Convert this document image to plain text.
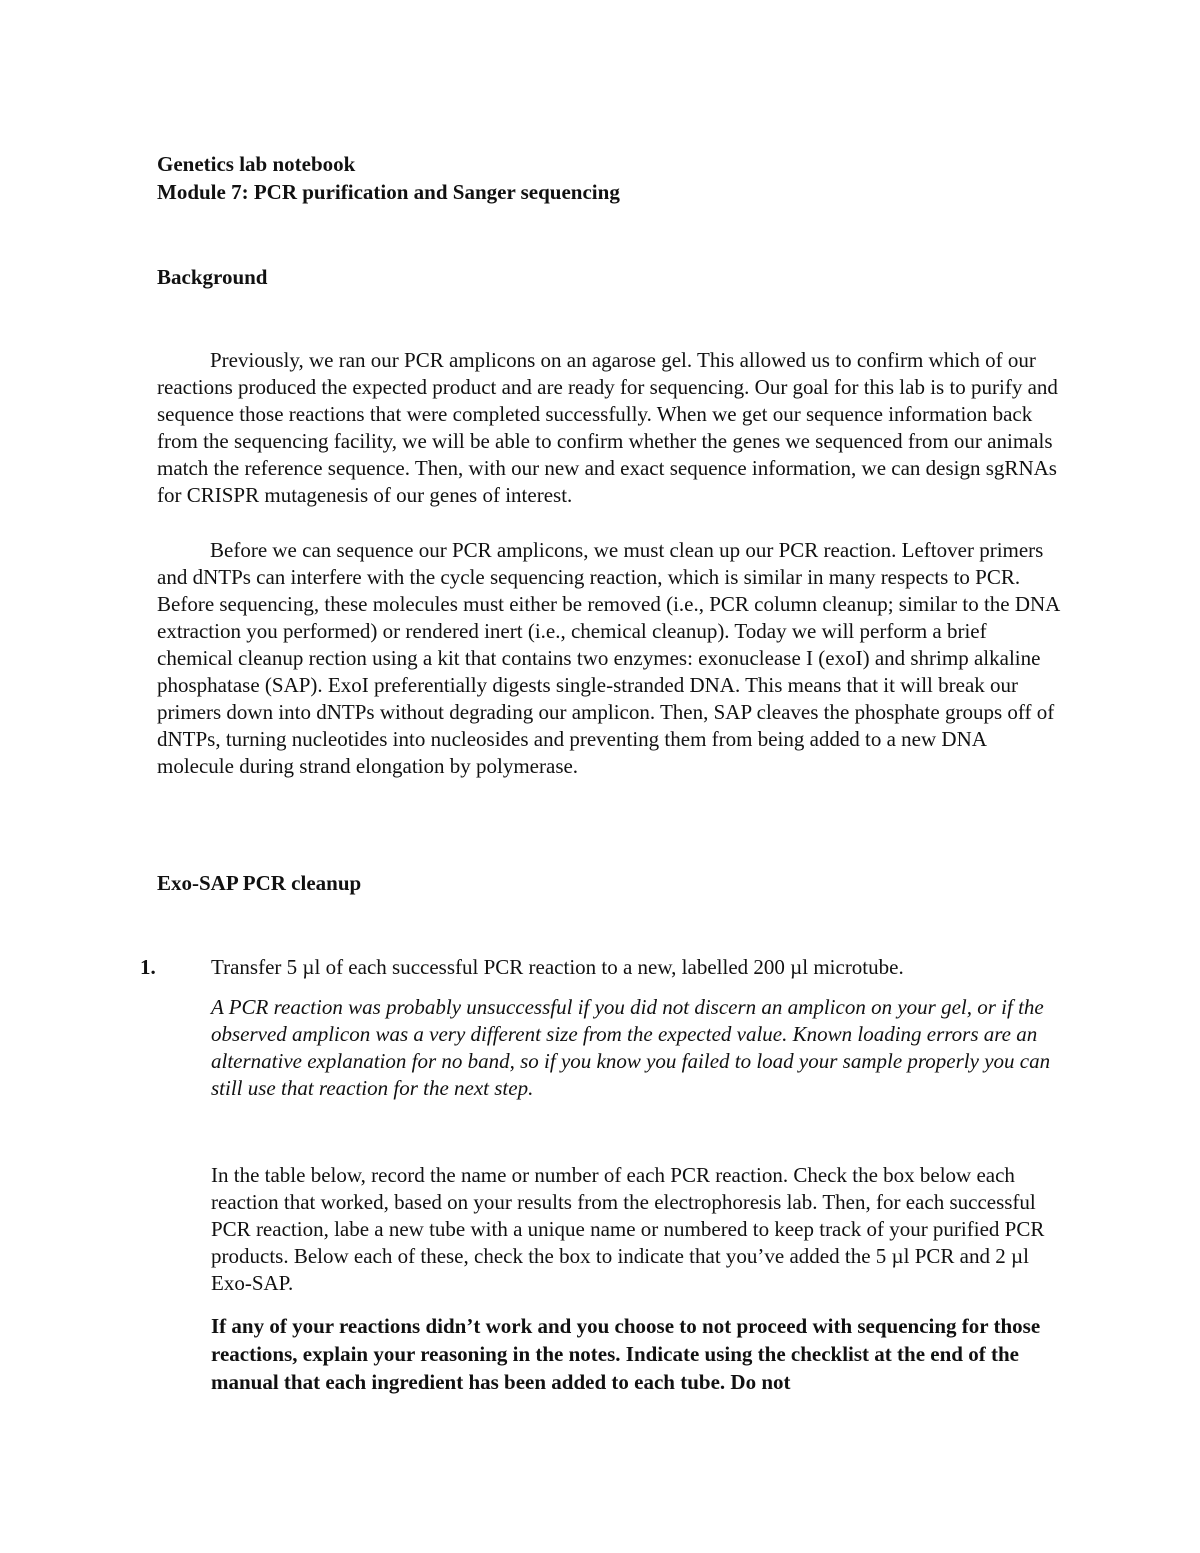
Genetics lab notebook
Module 7: PCR purification and Sanger sequencing
Background

Previously, we ran our PCR amplicons on an agarose gel. This allowed us to confirm which of our reactions produced the expected product and are ready for sequencing. Our goal for this lab is to purify and sequence those reactions that were completed successfully. When we get our sequence information back from the sequencing facility, we will be able to confirm whether the genes we sequenced from our animals match the reference sequence. Then, with our new and exact sequence information, we can design sgRNAs for CRISPR mutagenesis of our genes of interest.

Before we can sequence our PCR amplicons, we must clean up our PCR reaction. Leftover primers and dNTPs can interfere with the cycle sequencing reaction, which is similar in many respects to PCR. Before sequencing, these molecules must either be removed (i.e., PCR column cleanup; similar to the DNA extraction you performed) or rendered inert (i.e., chemical cleanup). Today we will perform a brief chemical cleanup rection using a kit that contains two enzymes: exonuclease I (exoI) and shrimp alkaline phosphatase (SAP). ExoI preferentially digests single-stranded DNA. This means that it will break our primers down into dNTPs without degrading our amplicon. Then, SAP cleaves the phosphate groups off of dNTPs, turning nucleotides into nucleosides and preventing them from being added to a new DNA molecule during strand elongation by polymerase.

Exo-SAP PCR cleanup
1.	Transfer 5 µl of each successful PCR reaction to a new, labelled 200 µl microtube.

A PCR reaction was probably unsuccessful if you did not discern an amplicon on your gel, or if the observed amplicon was a very different size from the expected value. Known loading errors are an alternative explanation for no band, so if you know you failed to load your sample properly you can still use that reaction for the next step.

In the table below, record the name or number of each PCR reaction. Check the box below each reaction that worked, based on your results from the electrophoresis lab. Then, for each successful PCR reaction, labe a new tube with a unique name or numbered to keep track of your purified PCR products. Below each of these, check the box to indicate that you’ve added the 5 µl PCR and 2 µl Exo-SAP.

If any of your reactions didn’t work and you choose to not proceed with sequencing for those reactions, explain your reasoning in the notes. Indicate using the checklist at the end of the manual that each ingredient has been added to each tube. Do not
